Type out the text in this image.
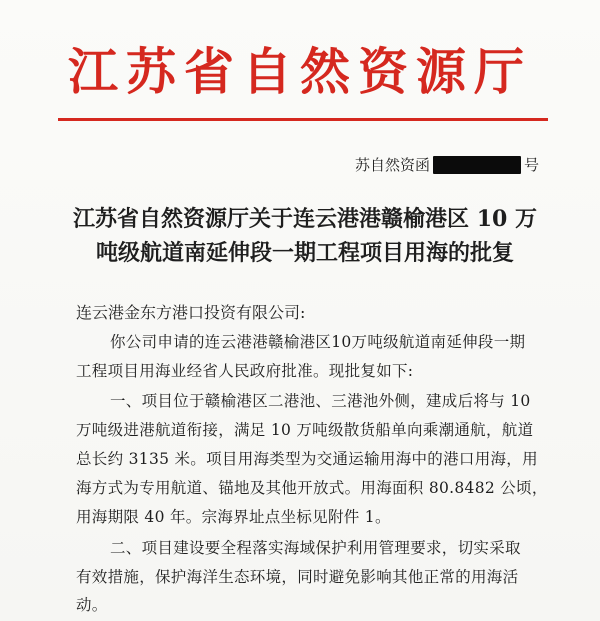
江苏省自然资源厅
苏自然资函	号
江苏省自然资源厅关于连云港港赣榆港区 10 万
吨级航道南延伸段一期工程项目用海的批复
连云港金东方港口投资有限公司:
你公司申请的连云港港赣榆港区10万吨级航道南延伸段一期
工程项目用海业经省人民政府批准。现批复如下:
一、项目位于赣榆港区二港池、三港池外侧，建成后将与 10
万吨级进港航道衔接，满足 10 万吨级散货船单向乘潮通航，航道
总长约 3135 米。项目用海类型为交通运输用海中的港口用海，用
海方式为专用航道、锚地及其他开放式。用海面积 80.8482 公顷，
用海期限 40 年。宗海界址点坐标见附件 1。
二、项目建设要全程落实海域保护利用管理要求，切实采取
有效措施，保护海洋生态环境，同时避免影响其他正常的用海活
动。
